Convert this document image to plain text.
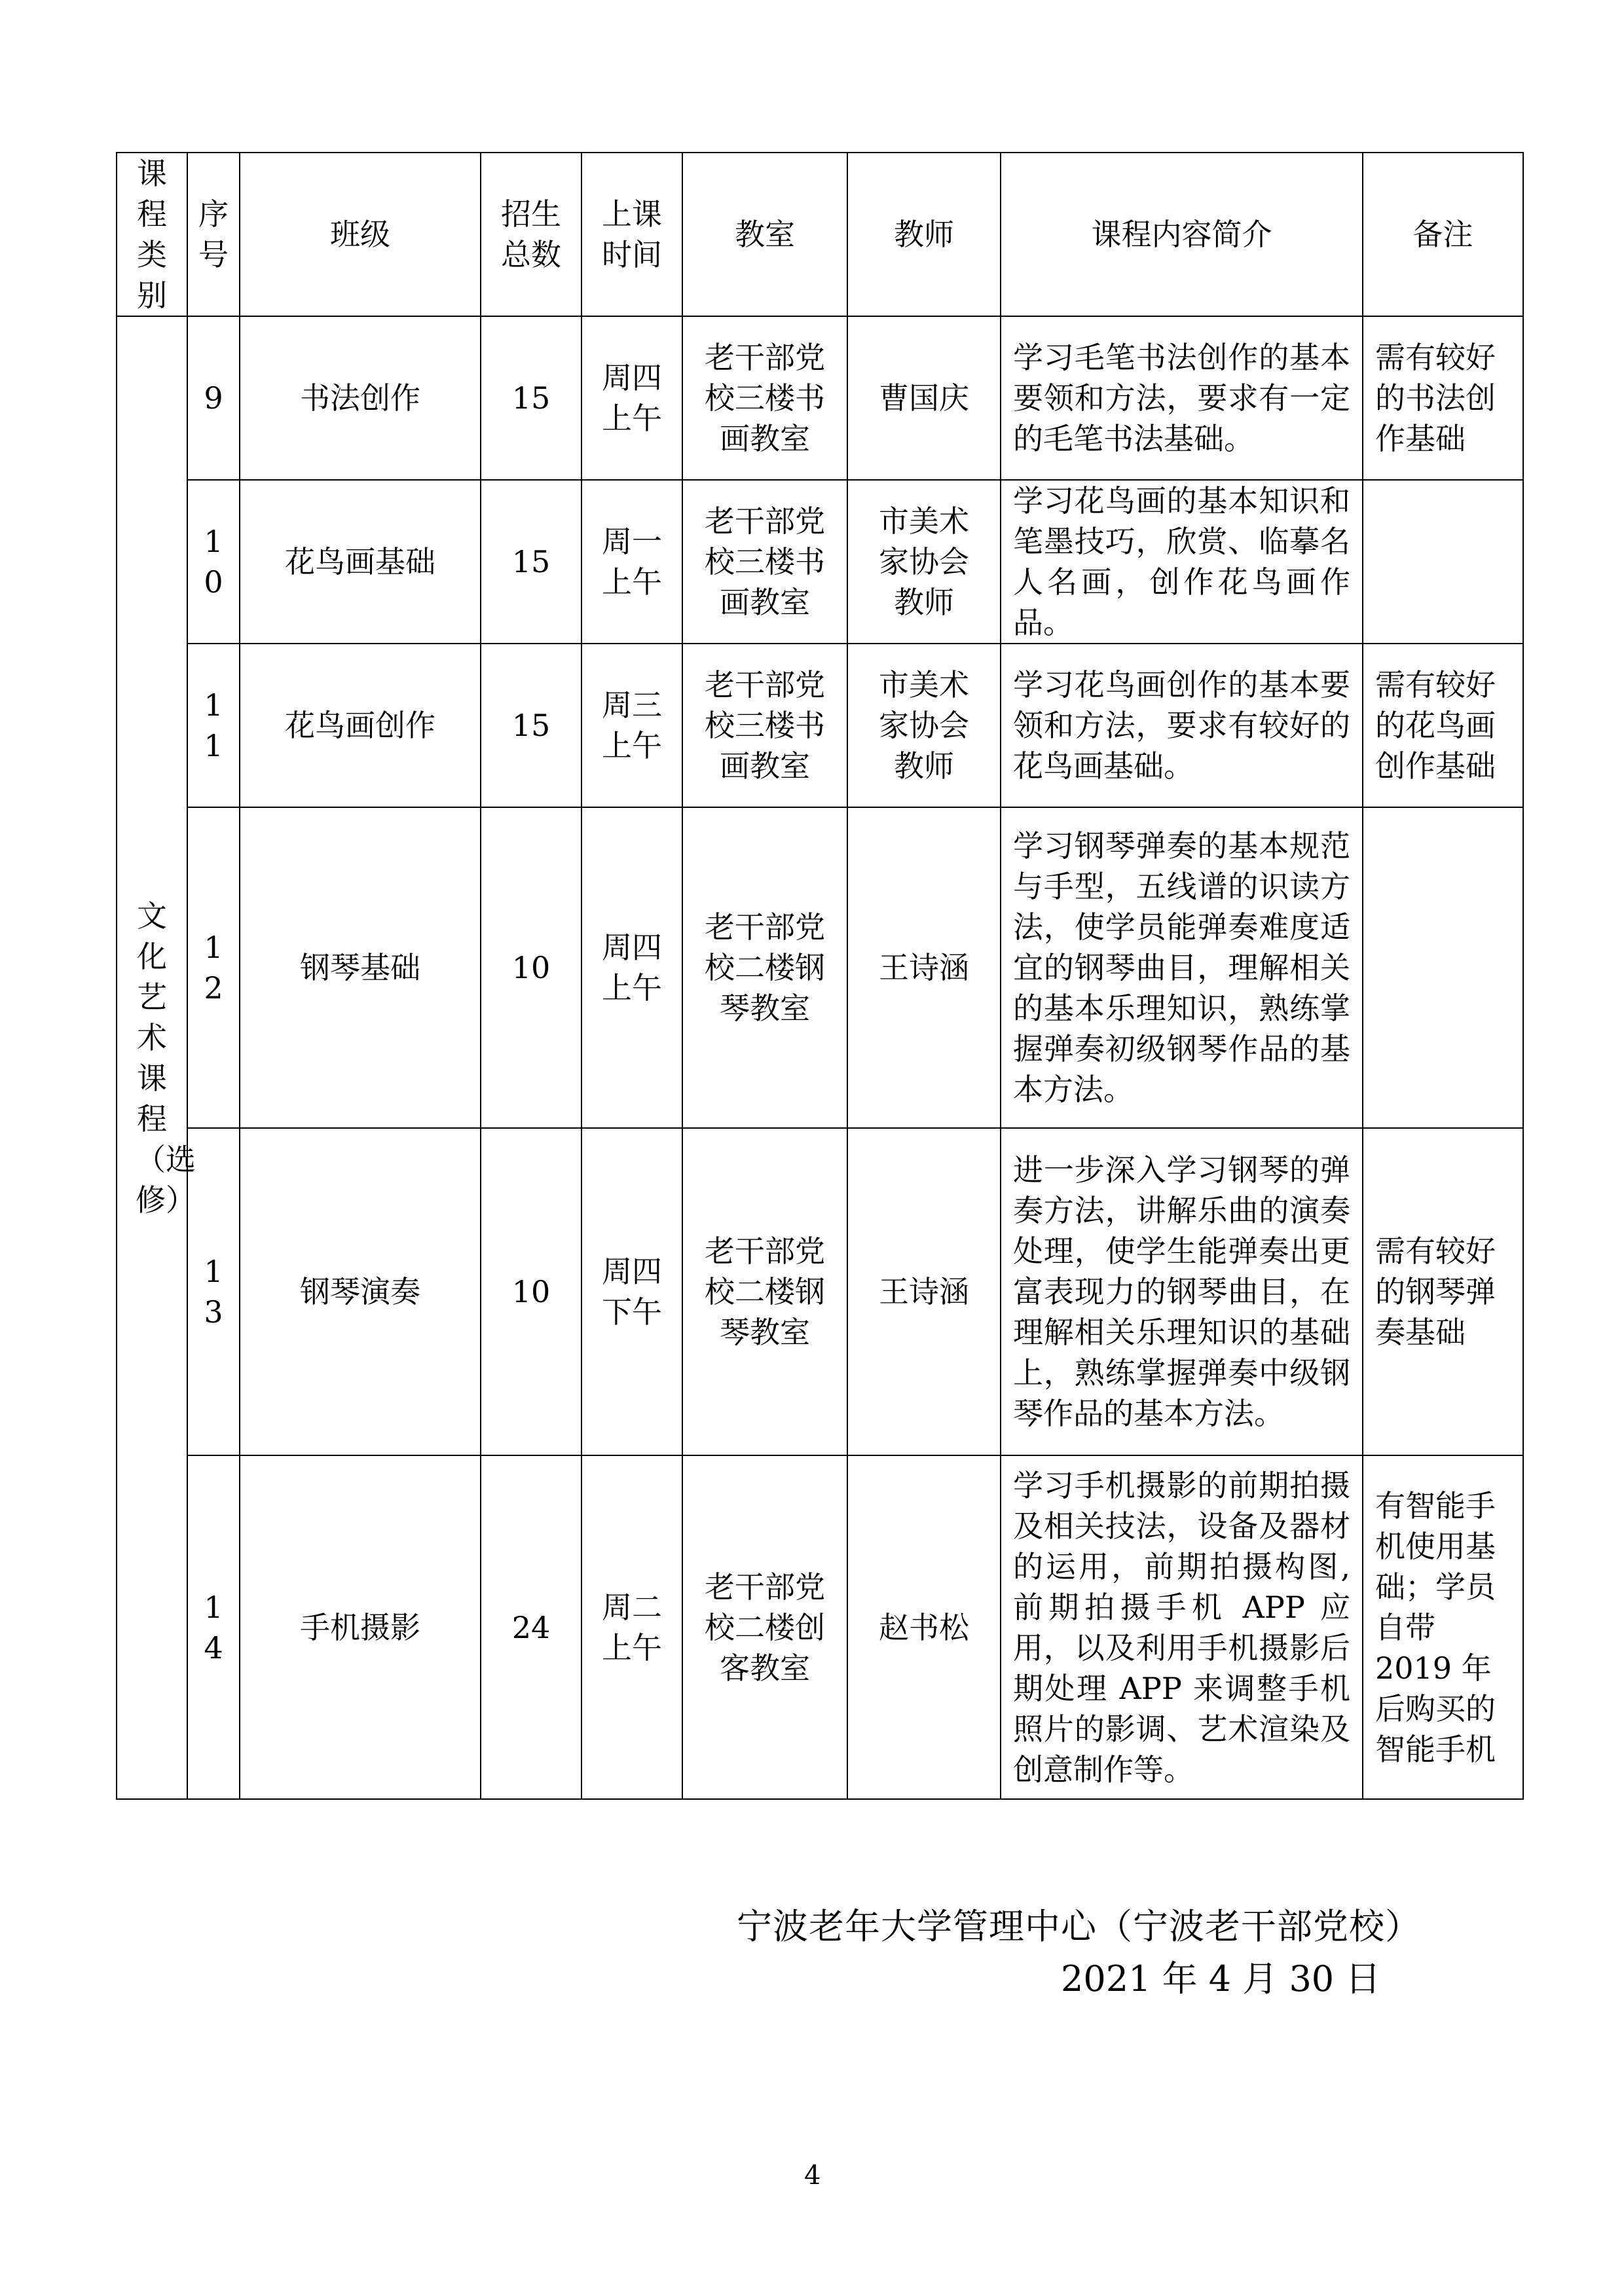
课程类别	序号	班级	招生总数	上课时间	教室	教师	课程内容简介	备注
文化艺术课程（选修）	9	书法创作	15	周四上午	老干部党校三楼书画教室	曹国庆	学习毛笔书法创作的基本要领和方法，要求有一定的毛笔书法基础。	需有较好的书法创作基础
	10	花鸟画基础	15	周一上午	老干部党校三楼书画教室	市美术家协会教师	学习花鸟画的基本知识和笔墨技巧，欣赏、临摹名人名画，创作花鸟画作品。	

	11	花鸟画创作	15	周三上午	老干部党校三楼书画教室	市美术家协会教师	学习花鸟画创作的基本要领和方法，要求有较好的花鸟画基础。	需有较好的花鸟画创作基础
	12	钢琴基础	10	周四上午	老干部党校二楼钢琴教室	王诗涵	学习钢琴弹奏的基本规范与手型，五线谱的识读方法，使学员能弹奏难度适宜的钢琴曲目，理解相关的基本乐理知识，熟练掌握弹奏初级钢琴作品的基本方法。	

	13	钢琴演奏	10	周四下午	老干部党校二楼钢琴教室	王诗涵	进一步深入学习钢琴的弹奏方法，讲解乐曲的演奏处理，使学生能弹奏出更富表现力的钢琴曲目，在理解相关乐理知识的基础上，熟练掌握弹奏中级钢琴作品的基本方法。	需有较好的钢琴弹奏基础
	14	手机摄影	24	周二上午	老干部党校二楼创客教室	赵书松	学习手机摄影的前期拍摄及相关技法，设备及器材的运用，前期拍摄构图,前期拍摄手机 APP 应用，以及利用手机摄影后期处理 APP 来调整手机照片的影调、艺术渲染及创意制作等。	有智能手机使用基础；学员自带 2019 年后购买的智能手机
宁波老年大学管理中心（宁波老干部党校）
2021 年 4 月 30 日
4
